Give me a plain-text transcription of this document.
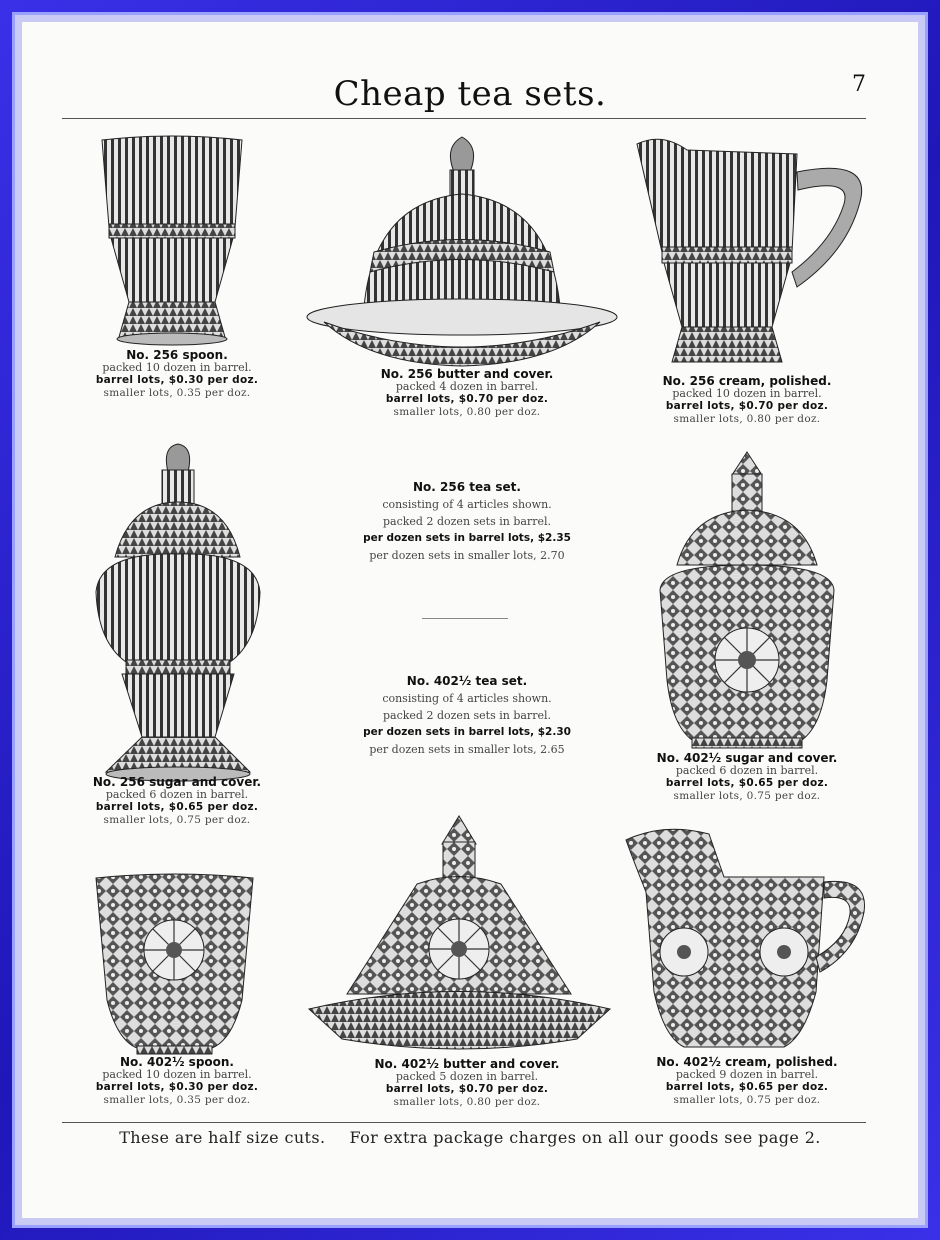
Cheap tea sets.	7
No. 256 spoon.
packed 10 dozen in barrel.
barrel lots, $0.30 per doz.
smaller lots, 0.35 per doz.
No. 256 butter and cover.
packed 4 dozen in barrel.
barrel lots, $0.70 per doz.
smaller lots, 0.80 per doz.
No. 256 cream, polished.
packed 10 dozen in barrel.
barrel lots, $0.70 per doz.
smaller lots, 0.80 per doz.
No. 256 sugar and cover.
packed 6 dozen in barrel.
barrel lots, $0.65 per doz.
smaller lots, 0.75 per doz.
No. 256 tea set.
consisting of 4 articles shown.
packed 2 dozen sets in barrel.
per dozen sets in barrel lots, $2.35
per dozen sets in smaller lots, 2.70
No. 402½ tea set.
consisting of 4 articles shown.
packed 2 dozen sets in barrel.
per dozen sets in barrel lots, $2.30
per dozen sets in smaller lots, 2.65
No. 402½ sugar and cover.
packed 6 dozen in barrel.
barrel lots, $0.65 per doz.
smaller lots, 0.75 per doz.
No. 402½ spoon.
packed 10 dozen in barrel.
barrel lots, $0.30 per doz.
smaller lots, 0.35 per doz.
No. 402½ butter and cover.
packed 5 dozen in barrel.
barrel lots, $0.70 per doz.
smaller lots, 0.80 per doz.
No. 402½ cream, polished.
packed 9 dozen in barrel.
barrel lots, $0.65 per doz.
smaller lots, 0.75 per doz.
These are half size cuts. For extra package charges on all our goods see page 2.
